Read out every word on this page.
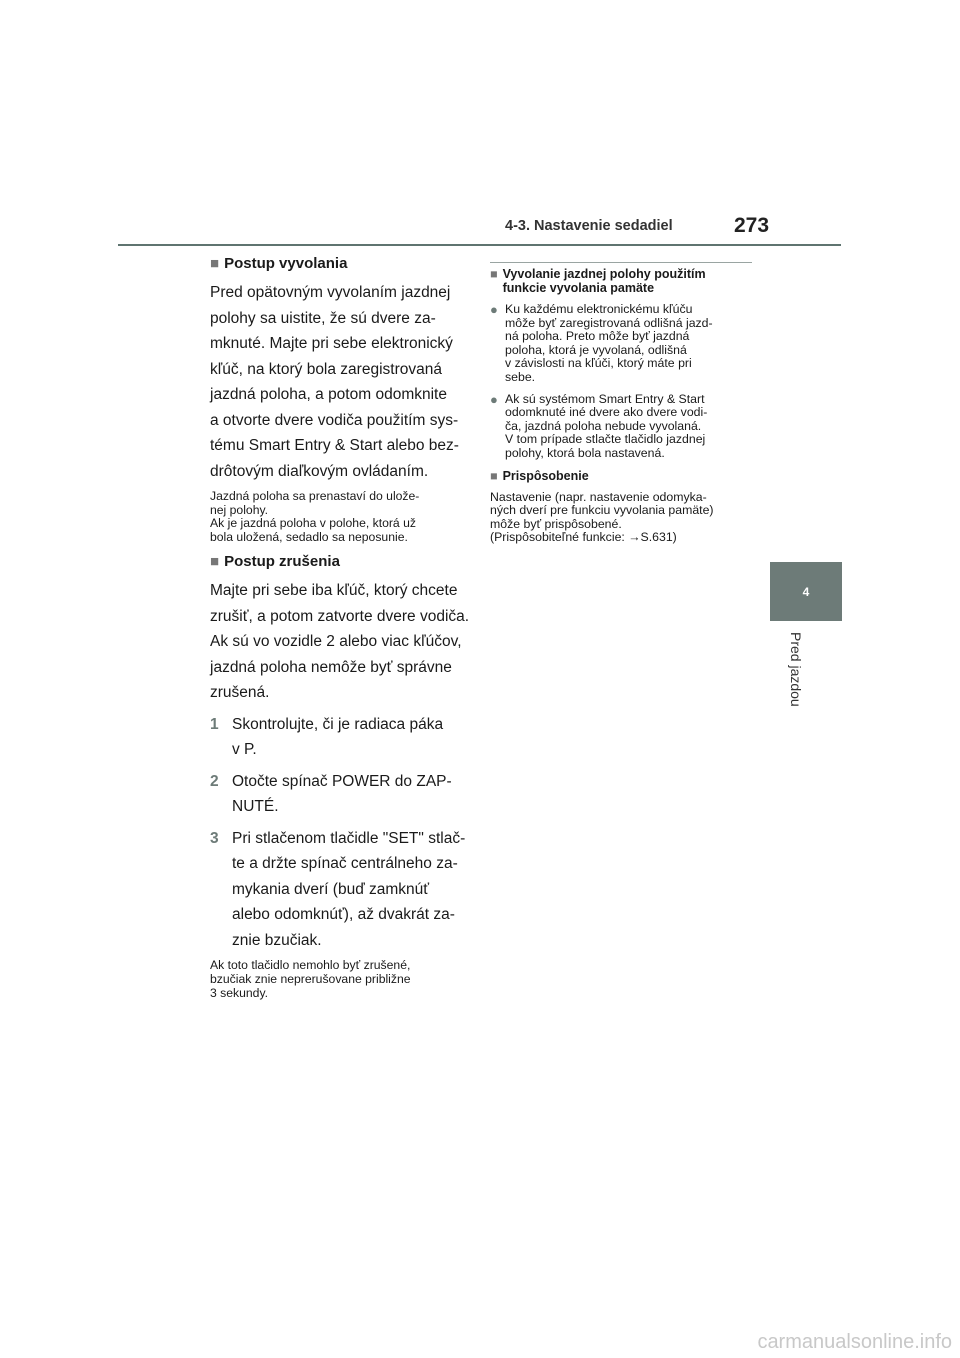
4-3. Nastavenie sedadiel	273
4
Pred jazdou
■ Postup vyvolania
Pred opätovným vyvolaním jazdnej
polohy sa uistite, že sú dvere za-
mknuté. Majte pri sebe elektronický
kľúč, na ktorý bola zaregistrovaná
jazdná poloha, a potom odomknite
a otvorte dvere vodiča použitím sys-
tému Smart Entry & Start alebo bez-
drôtovým diaľkovým ovládaním.
Jazdná poloha sa prenastaví do ulože-
nej polohy.
Ak je jazdná poloha v polohe, ktorá už
bola uložená, sedadlo sa neposunie.
■ Postup zrušenia
Majte pri sebe iba kľúč, ktorý chcete
zrušiť, a potom zatvorte dvere vodiča.
Ak sú vo vozidle 2 alebo viac kľúčov,
jazdná poloha nemôže byť správne
zrušená.
1 Skontrolujte, či je radiaca páka
v P.
2 Otočte spínač POWER do ZAP-
NUTÉ.
3 Pri stlačenom tlačidle "SET" stlač-
te a držte spínač centrálneho za-
mykania dverí (buď zamknúť
alebo odomknúť), až dvakrát za-
znie bzučiak.
Ak toto tlačidlo nemohlo byť zrušené,
bzučiak znie neprerušovane približne
3 sekundy.
■ Vyvolanie jazdnej polohy použitím
funkcie vyvolania pamäte
● Ku každému elektronickému kľúču
môže byť zaregistrovaná odlišná jazd-
ná poloha. Preto môže byť jazdná
poloha, ktorá je vyvolaná, odlišná
v závislosti na kľúči, ktorý máte pri
sebe.
● Ak sú systémom Smart Entry & Start
odomknuté iné dvere ako dvere vodi-
ča, jazdná poloha nebude vyvolaná.
V tom prípade stlačte tlačidlo jazdnej
polohy, ktorá bola nastavená.
■ Prispôsobenie
Nastavenie (napr. nastavenie odomyka-
ných dverí pre funkciu vyvolania pamäte)
môže byť prispôsobené.
(Prispôsobiteľné funkcie: →S.631)
carmanualsonline.info
